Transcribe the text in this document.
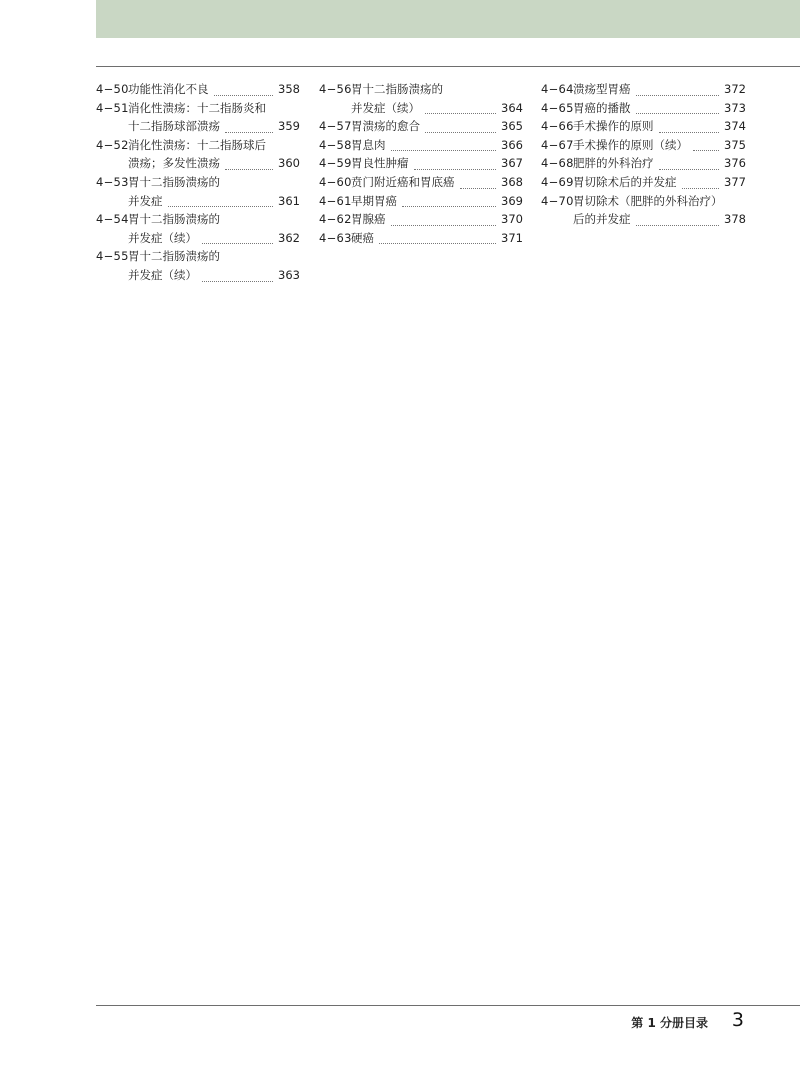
4−50 功能性消化不良	358
4−51 消化性溃疡：十二指肠炎和
十二指肠球部溃疡	359
4−52 消化性溃疡：十二指肠球后
溃疡；多发性溃疡	360
4−53 胃十二指肠溃疡的
并发症	361
4−54 胃十二指肠溃疡的
并发症（续）	362
4−55 胃十二指肠溃疡的
并发症（续）	363
4−56 胃十二指肠溃疡的
并发症（续）	364
4−57 胃溃疡的愈合	365
4−58 胃息肉	366
4−59 胃良性肿瘤	367
4−60 贲门附近癌和胃底癌	368
4−61 早期胃癌	369
4−62 胃腺癌	370
4−63 硬癌	371
4−64 溃疡型胃癌	372
4−65 胃癌的播散	373
4−66 手术操作的原则	374
4−67 手术操作的原则（续）	375
4−68 肥胖的外科治疗	376
4−69 胃切除术后的并发症	377
4−70 胃切除术（肥胖的外科治疗）
后的并发症	378
第 1 分册目录 3
